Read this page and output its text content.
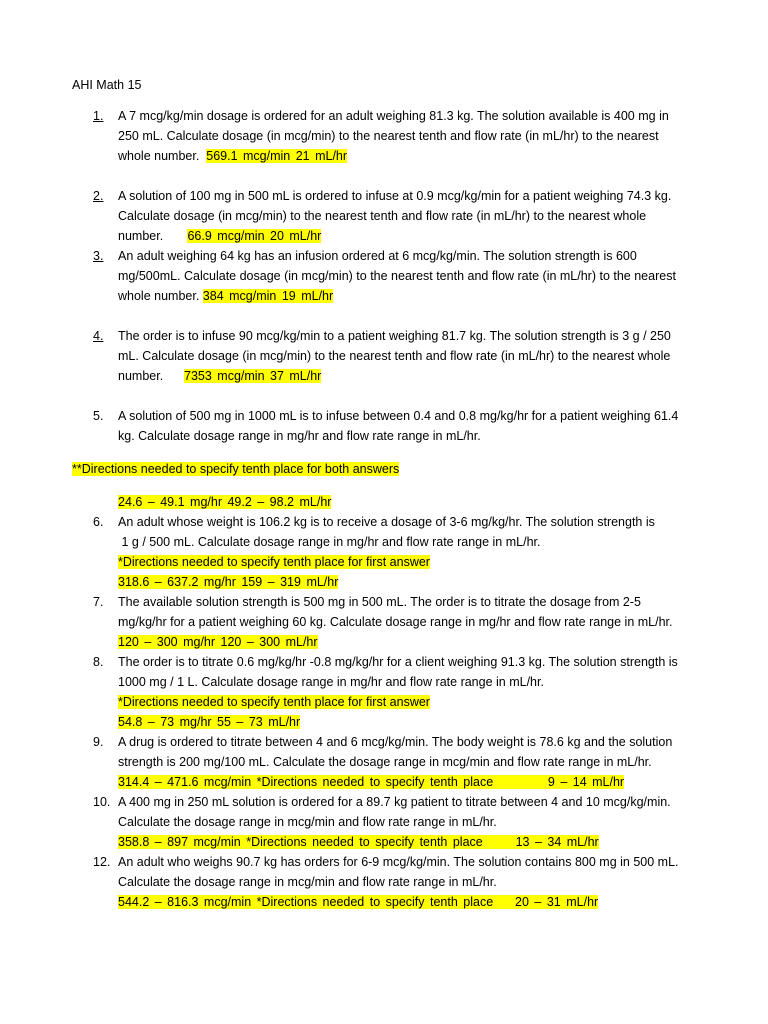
AHI Math 15
1.	A 7 mcg/kg/min dosage is ordered for an adult weighing 81.3 kg. The solution available is 400 mg in
250 mL. Calculate dosage (in mcg/min) to the nearest tenth and flow rate (in mL/hr) to the nearest
whole number. 569.1 mcg/min 21 mL/hr
2.	A solution of 100 mg in 500 mL is ordered to infuse at 0.9 mcg/kg/min for a patient weighing 74.3 kg.
Calculate dosage (in mcg/min) to the nearest tenth and flow rate (in mL/hr) to the nearest whole
number. 66.9 mcg/min 20 mL/hr
3.	An adult weighing 64 kg has an infusion ordered at 6 mcg/kg/min. The solution strength is 600
mg/500mL. Calculate dosage (in mcg/min) to the nearest tenth and flow rate (in mL/hr) to the nearest
whole number. 384 mcg/min 19 mL/hr
4.	The order is to infuse 90 mcg/kg/min to a patient weighing 81.7 kg. The solution strength is 3 g / 250
mL. Calculate dosage (in mcg/min) to the nearest tenth and flow rate (in mL/hr) to the nearest whole
number. 7353 mcg/min 37 mL/hr
5.	A solution of 500 mg in 1000 mL is to infuse between 0.4 and 0.8 mg/kg/hr for a patient weighing 61.4
kg. Calculate dosage range in mg/hr and flow rate range in mL/hr.
**Directions needed to specify tenth place for both answers
24.6 – 49.1 mg/hr 49.2 – 98.2 mL/hr
6.	An adult whose weight is 106.2 kg is to receive a dosage of 3-6 mg/kg/hr. The solution strength is
1 g / 500 mL. Calculate dosage range in mg/hr and flow rate range in mL/hr.
*Directions needed to specify tenth place for first answer
318.6 – 637.2 mg/hr 159 – 319 mL/hr
7.	The available solution strength is 500 mg in 500 mL. The order is to titrate the dosage from 2-5
mg/kg/hr for a patient weighing 60 kg. Calculate dosage range in mg/hr and flow rate range in mL/hr.
120 – 300 mg/hr 120 – 300 mL/hr
8.	The order is to titrate 0.6 mg/kg/hr -0.8 mg/kg/hr for a client weighing 91.3 kg. The solution strength is
1000 mg / 1 L. Calculate dosage range in mg/hr and flow rate range in mL/hr.
*Directions needed to specify tenth place for first answer
54.8 – 73 mg/hr 55 – 73 mL/hr
9.	A drug is ordered to titrate between 4 and 6 mcg/kg/min. The body weight is 78.6 kg and the solution
strength is 200 mg/100 mL. Calculate the dosage range in mcg/min and flow rate range in mL/hr.
314.4 – 471.6 mcg/min *Directions needed to specify tenth place          9 – 14 mL/hr
10. A 400 mg in 250 mL solution is ordered for a 89.7 kg patient to titrate between 4 and 10 mcg/kg/min.
Calculate the dosage range in mcg/min and flow rate range in mL/hr.
358.8 – 897 mcg/min *Directions needed to specify tenth place      13 – 34 mL/hr
12. An adult who weighs 90.7 kg has orders for 6-9 mcg/kg/min. The solution contains 800 mg in 500 mL.
Calculate the dosage range in mcg/min and flow rate range in mL/hr.
544.2 – 816.3 mcg/min *Directions needed to specify tenth place    20 – 31 mL/hr
